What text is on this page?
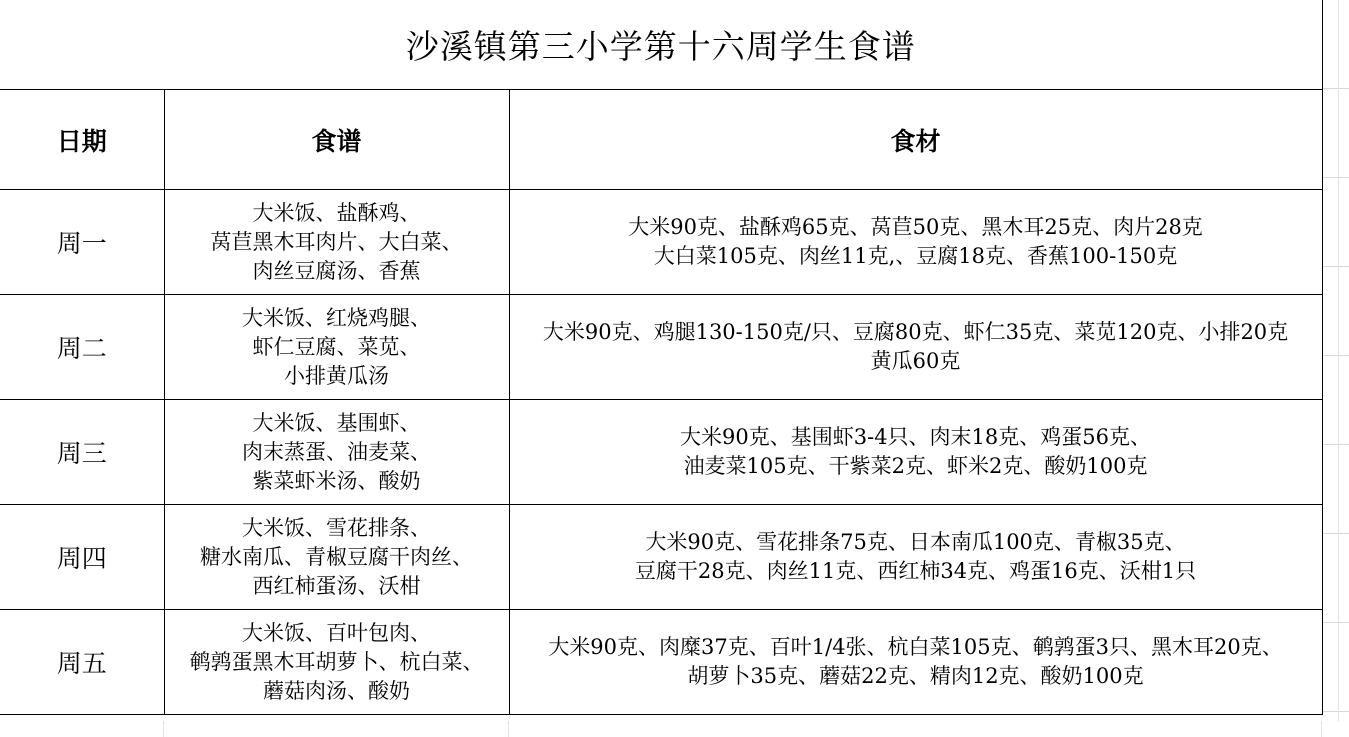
沙溪镇第三小学第十六周学生食谱		
日期	食谱	食材
周一	大米饭、盐酥鸡、
莴苣黑木耳肉片、大白菜、
肉丝豆腐汤、香蕉	大米90克、盐酥鸡65克、莴苣50克、黑木耳25克、肉片28克
大白菜105克、肉丝11克,、豆腐18克、香蕉100-150克

周二	大米饭、红烧鸡腿、
虾仁豆腐、菜苋、
小排黄瓜汤	大米90克、鸡腿130-150克/只、豆腐80克、虾仁35克、菜苋120克、小排20克
黄瓜60克

周三	大米饭、基围虾、
肉末蒸蛋、油麦菜、
紫菜虾米汤、酸奶	大米90克、基围虾3-4只、肉末18克、鸡蛋56克、
油麦菜105克、干紫菜2克、虾米2克、酸奶100克

周四	大米饭、雪花排条、
糖水南瓜、青椒豆腐干肉丝、
西红柿蛋汤、沃柑	大米90克、雪花排条75克、日本南瓜100克、青椒35克、
豆腐干28克、肉丝11克、西红柿34克、鸡蛋16克、沃柑1只

周五	大米饭、百叶包肉、
鹌鹑蛋黑木耳胡萝卜、杭白菜、
蘑菇肉汤、酸奶	大米90克、肉糜37克、百叶1/4张、杭白菜105克、鹌鹑蛋3只、黑木耳20克、
胡萝卜35克、蘑菇22克、精肉12克、酸奶100克
